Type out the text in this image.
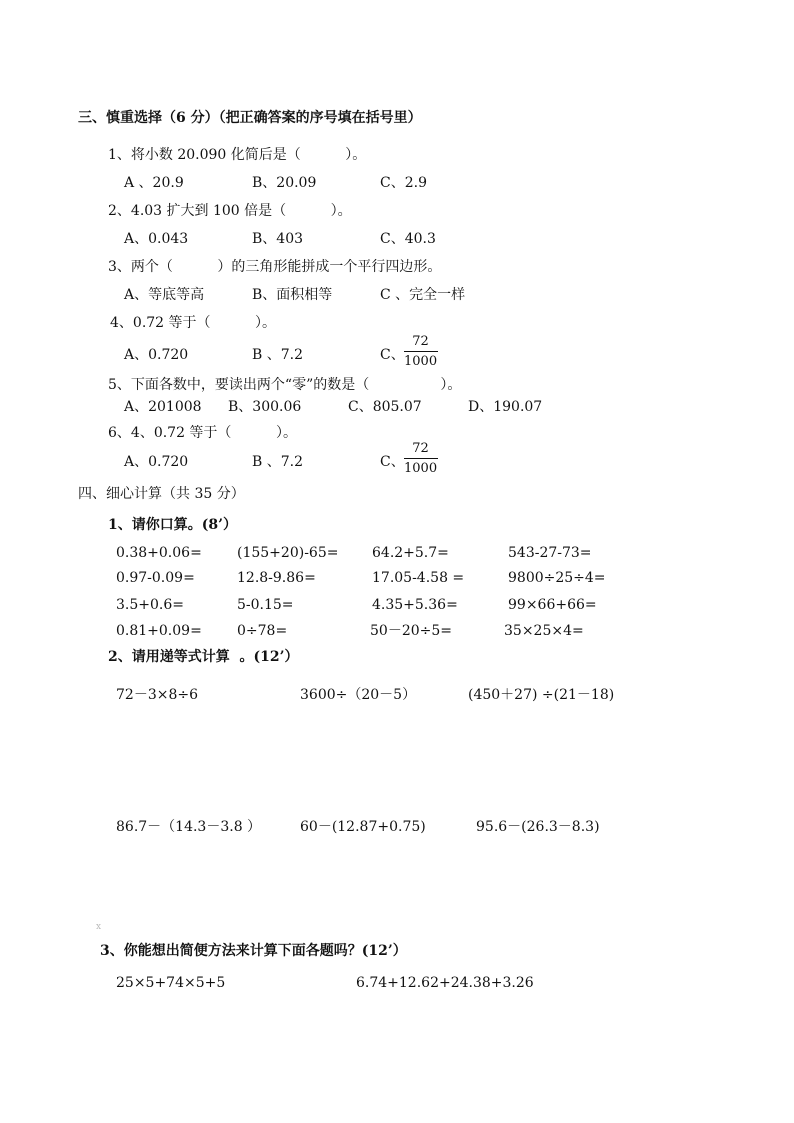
三、慎重选择（6 分）（把正确答案的序号填在括号里）
1、将小数 20.090 化简后是（          ）。
A 、20.9	B、20.09	C、2.9
2、4.03 扩大到 100 倍是（          ）。
A、0.043	B、403	C、40.3
3、两个（          ）的三角形能拼成一个平行四边形。
A、等底等高	B、面积相等	C 、完全一样
4、0.72 等于（          ）。
A、0.720	B 、7.2	C、
72
1000
5、下面各数中，要读出两个“零”的数是（                ）。
A、201008 B、300.06	C、805.07	D、190.07
6、4、0.72 等于（          ）。
A、0.720	B 、7.2	C、
72
1000
四、细心计算（共 35 分）
1、请你口算。(8’）
0.38+0.06=	(155+20)-65= 64.2+5.7=	543-27-73=
0.97-0.09=	12.8-9.86=	17.05-4.58 =	9800÷25÷4=
3.5+0.6=	5-0.15=	4.35+5.36=	99×66+66=
0.81+0.09=	0÷78=	50－20÷5=	35×25×4=
2、请用递等式计算  。(12’）
72－3×8÷6	3600÷（20－5）	(450＋27) ÷(21－18)
86.7－（14.3－3.8 ）	60－(12.87+0.75)	95.6－(26.3－8.3)
x
3、你能想出简便方法来计算下面各题吗？(12’）
25×5+74×5+5	6.74+12.62+24.38+3.26
